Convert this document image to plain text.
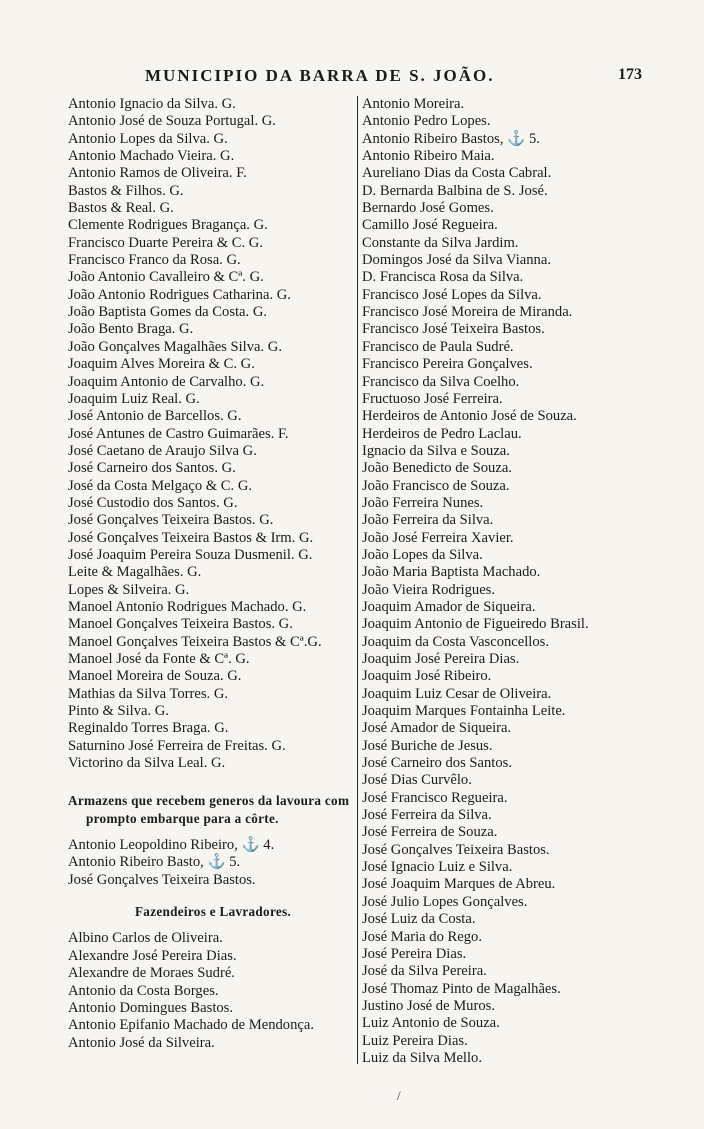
MUNICIPIO DA BARRA DE S. JOÃO.	173
Antonio Ignacio da Silva. G.
Antonio José de Souza Portugal. G.
Antonio Lopes da Silva. G.
Antonio Machado Vieira. G.
Antonio Ramos de Oliveira. F.
Bastos & Filhos. G.
Bastos & Real. G.
Clemente Rodrigues Bragança. G.
Francisco Duarte Pereira & C. G.
Francisco Franco da Rosa. G.
João Antonio Cavalleiro & Cª. G.
João Antonio Rodrigues Catharina. G.
João Baptista Gomes da Costa. G.
João Bento Braga. G.
João Gonçalves Magalhães Silva. G.
Joaquim Alves Moreira & C. G.
Joaquim Antonio de Carvalho. G.
Joaquim Luiz Real. G.
José Antonio de Barcellos. G.
José Antunes de Castro Guimarães. F.
José Caetano de Araujo Silva G.
José Carneiro dos Santos. G.
José da Costa Melgaço & C. G.
José Custodio dos Santos. G.
José Gonçalves Teixeira Bastos. G.
José Gonçalves Teixeira Bastos & Irm. G.
José Joaquim Pereira Souza Dusmenil. G.
Leite & Magalhães. G.
Lopes & Silveira. G.
Manoel Antonio Rodrigues Machado. G.
Manoel Gonçalves Teixeira Bastos. G.
Manoel Gonçalves Teixeira Bastos & Cª.G.
Manoel José da Fonte & Cª. G.
Manoel Moreira de Souza. G.
Mathias da Silva Torres. G.
Pinto & Silva. G.
Reginaldo Torres Braga. G.
Saturnino José Ferreira de Freitas. G.
Victorino da Silva Leal. G.
Armazens que recebem generos da lavoura com prompto embarque para a côrte.
Antonio Leopoldino Ribeiro, ⚓ 4.
Antonio Ribeiro Basto, ⚓ 5.
José Gonçalves Teixeira Bastos.
Fazendeiros e Lavradores.
Albino Carlos de Oliveira.
Alexandre José Pereira Dias.
Alexandre de Moraes Sudré.
Antonio da Costa Borges.
Antonio Domingues Bastos.
Antonio Epifanio Machado de Mendonça.
Antonio José da Silveira.
Antonio Moreira.
Antonio Pedro Lopes.
Antonio Ribeiro Bastos, ⚓ 5.
Antonio Ribeiro Maia.
Aureliano Dias da Costa Cabral.
D. Bernarda Balbina de S. José.
Bernardo José Gomes.
Camillo José Regueira.
Constante da Silva Jardim.
Domingos José da Silva Vianna.
D. Francisca Rosa da Silva.
Francisco José Lopes da Silva.
Francisco José Moreira de Miranda.
Francisco José Teixeira Bastos.
Francisco de Paula Sudré.
Francisco Pereira Gonçalves.
Francisco da Silva Coelho.
Fructuoso José Ferreira.
Herdeiros de Antonio José de Souza.
Herdeiros de Pedro Laclau.
Ignacio da Silva e Souza.
João Benedicto de Souza.
João Francisco de Souza.
João Ferreira Nunes.
João Ferreira da Silva.
João José Ferreira Xavier.
João Lopes da Silva.
João Maria Baptista Machado.
João Vieira Rodrigues.
Joaquim Amador de Siqueira.
Joaquim Antonio de Figueiredo Brasil.
Joaquim da Costa Vasconcellos.
Joaquim José Pereira Dias.
Joaquim José Ribeiro.
Joaquim Luiz Cesar de Oliveira.
Joaquim Marques Fontainha Leite.
José Amador de Siqueira.
José Buriche de Jesus.
José Carneiro dos Santos.
José Dias Curvêlo.
José Francisco Regueira.
José Ferreira da Silva.
José Ferreira de Souza.
José Gonçalves Teixeira Bastos.
José Ignacio Luiz e Silva.
José Joaquim Marques de Abreu.
José Julio Lopes Gonçalves.
José Luiz da Costa.
José Maria do Rego.
José Pereira Dias.
José da Silva Pereira.
José Thomaz Pinto de Magalhães.
Justino José de Muros.
Luiz Antonio de Souza.
Luiz Pereira Dias.
Luiz da Silva Mello.
/
